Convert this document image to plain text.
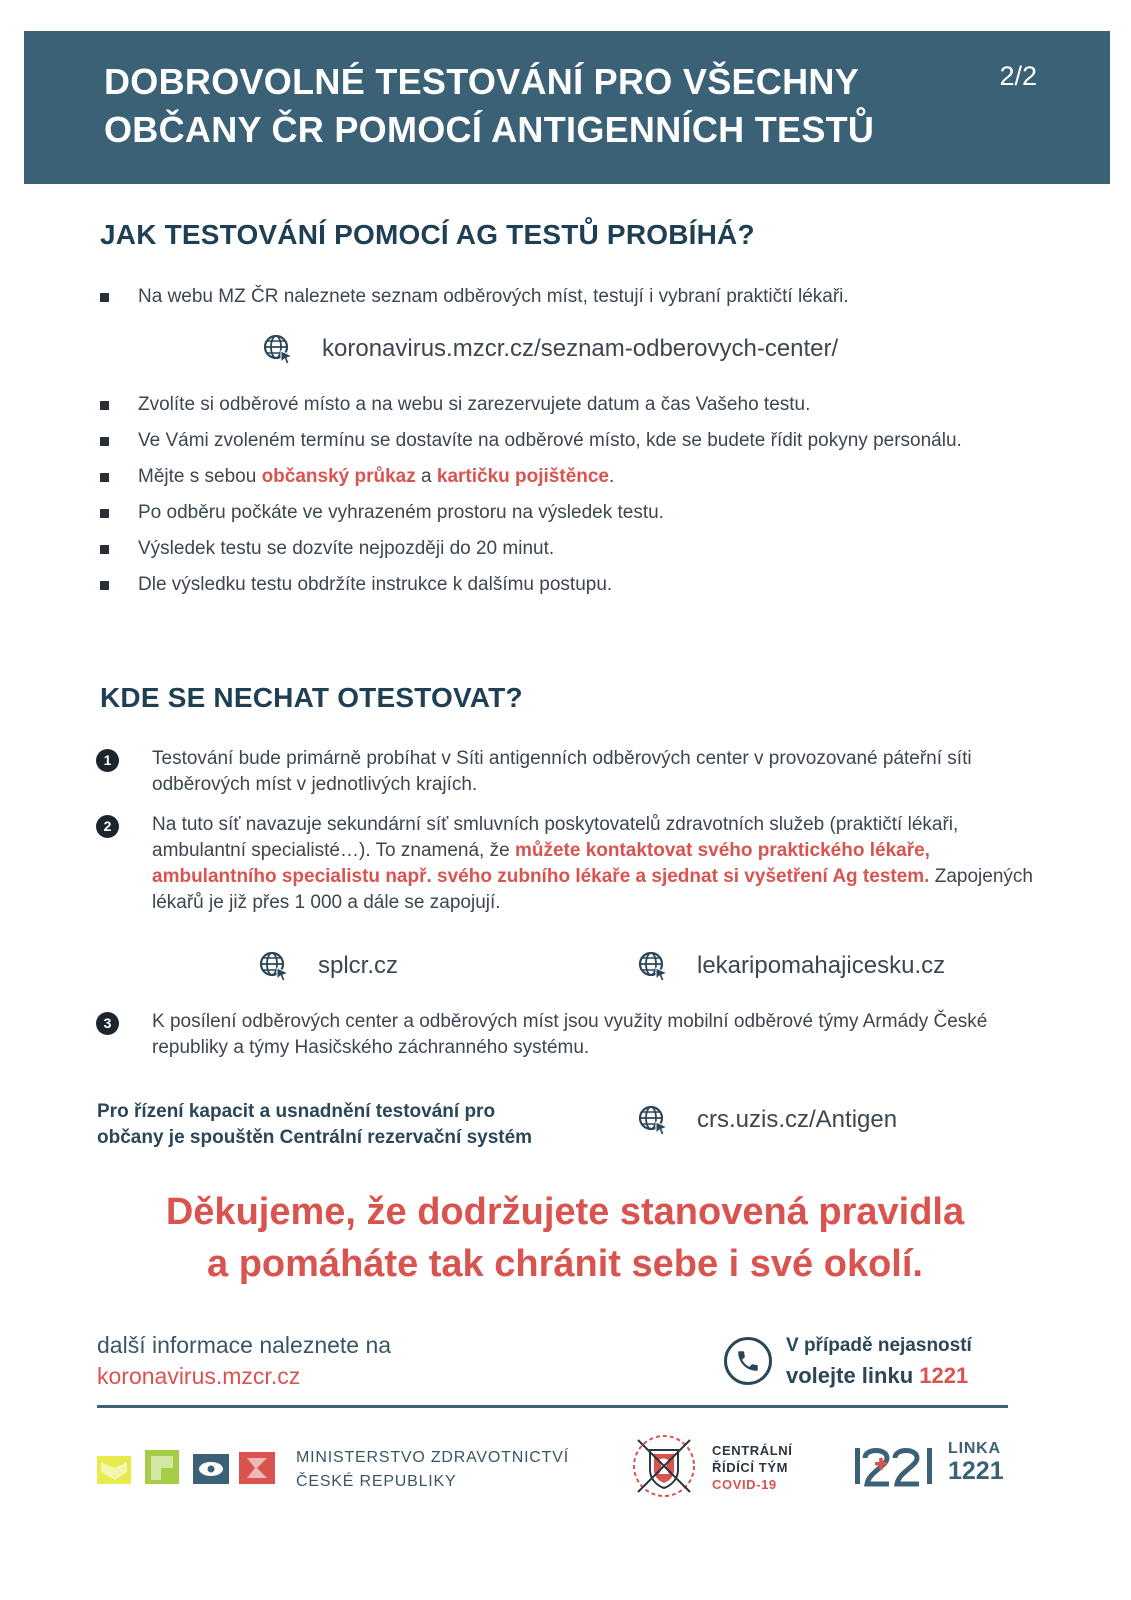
DOBROVOLNÉ TESTOVÁNÍ PRO VŠECHNY
OBČANY ČR POMOCÍ ANTIGENNÍCH TESTŮ
2/2
JAK TESTOVÁNÍ POMOCÍ AG TESTŮ PROBÍHÁ?
Na webu MZ ČR naleznete seznam odběrových míst, testují i vybraní praktičtí lékaři.
koronavirus.mzcr.cz/seznam-odberovych-center/
Zvolíte si odběrové místo a na webu si zarezervujete datum a čas Vašeho testu.
Ve Vámi zvoleném termínu se dostavíte na odběrové místo, kde se budete řídit pokyny personálu.
Mějte s sebou občanský průkaz a kartičku pojištěnce.
Po odběru počkáte ve vyhrazeném prostoru na výsledek testu.
Výsledek testu se dozvíte nejpozději do 20 minut.
Dle výsledku testu obdržíte instrukce k dalšímu postupu.
KDE SE NECHAT OTESTOVAT?
1	Testování bude primárně probíhat v Síti antigenních odběrových center v provozované páteřní síti odběrových míst v jednotlivých krajích.
2	Na tuto síť navazuje sekundární síť smluvních poskytovatelů zdravotních služeb (praktičtí lékaři, ambulantní specialisté…). To znamená, že můžete kontaktovat svého praktického lékaře, ambulantního specialistu např. svého zubního lékaře a sjednat si vyšetření Ag testem. Zapojených lékařů je již přes 1 000 a dále se zapojují.
splcr.cz	lekaripomahajicesku.cz
3	K posílení odběrových center a odběrových míst jsou využity mobilní odběrové týmy Armády České republiky a týmy Hasičského záchranného systému.
Pro řízení kapacit a usnadnění testování pro
občany je spouštěn Centrální rezervační systém
crs.uzis.cz/Antigen
Děkujeme, že dodržujete stanovená pravidla
a pomáháte tak chránit sebe i své okolí.
další informace naleznete na
koronavirus.mzcr.cz
V případě nejasností
volejte linku 1221
MINISTERSTVO ZDRAVOTNICTVÍ
ČESKÉ REPUBLIKY
CENTRÁLNÍ
ŘÍDÍCÍ TÝM
COVID-19
LINKA
1221
